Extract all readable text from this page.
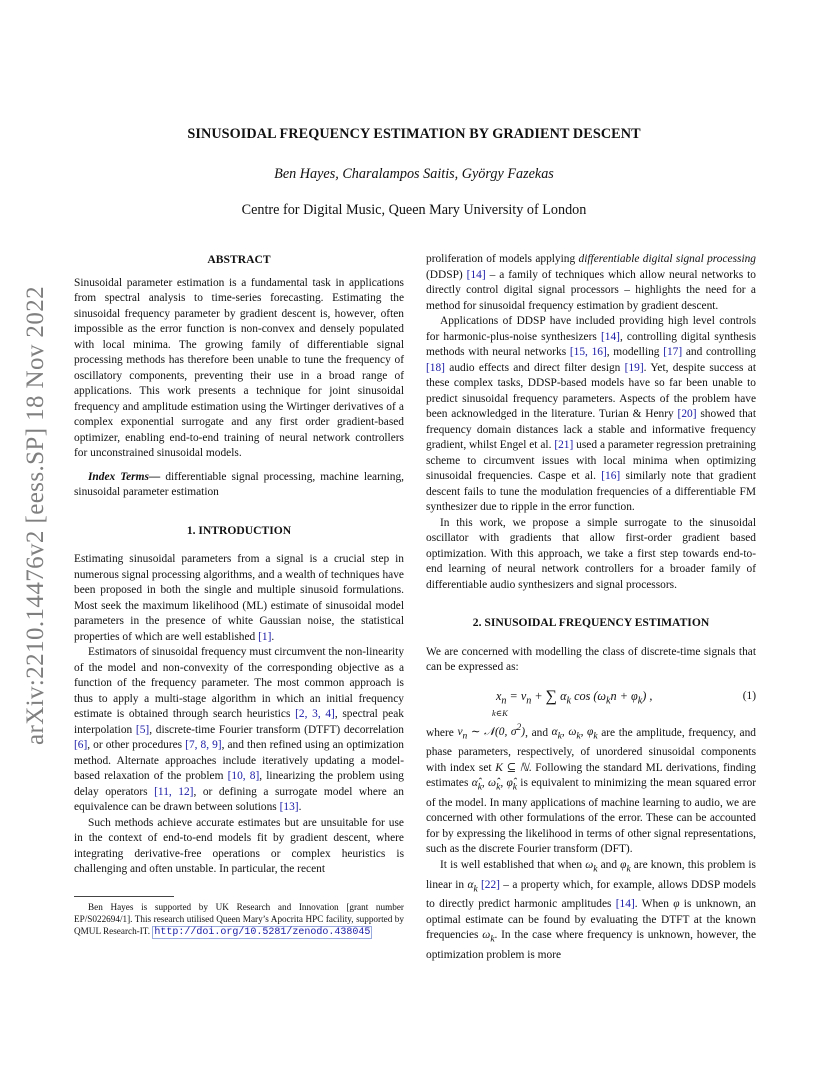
arXiv:2210.14476v2 [eess.SP] 18 Nov 2022
SINUSOIDAL FREQUENCY ESTIMATION BY GRADIENT DESCENT
Ben Hayes, Charalampos Saitis, György Fazekas
Centre for Digital Music, Queen Mary University of London
ABSTRACT

Sinusoidal parameter estimation is a fundamental task in applications from spectral analysis to time-series forecasting. Estimating the sinusoidal frequency parameter by gradient descent is, however, often impossible as the error function is non-convex and densely populated with local minima. The growing family of differentiable signal processing methods has therefore been unable to tune the frequency of oscillatory components, preventing their use in a broad range of applications. This work presents a technique for joint sinusoidal frequency and amplitude estimation using the Wirtinger derivatives of a complex exponential surrogate and any first order gradient-based optimizer, enabling end-to-end training of neural network controllers for unconstrained sinusoidal models.

Index Terms— differentiable signal processing, machine learning, sinusoidal parameter estimation

1. INTRODUCTION

Estimating sinusoidal parameters from a signal is a crucial step in numerous signal processing algorithms, and a wealth of techniques have been proposed in both the single and multiple sinusoid formulations. Most seek the maximum likelihood (ML) estimate of sinusoidal model parameters in the presence of white Gaussian noise, the statistical properties of which are well established [1].

Estimators of sinusoidal frequency must circumvent the non-linearity of the model and non-convexity of the corresponding objective as a function of the frequency parameter. The most common approach is thus to apply a multi-stage algorithm in which an initial frequency estimate is obtained through search heuristics [2, 3, 4], spectral peak interpolation [5], discrete-time Fourier transform (DTFT) decorrelation [6], or other procedures [7, 8, 9], and then refined using an optimization method. Alternate approaches include iteratively updating a model-based relaxation of the problem [10, 8], linearizing the problem using delay operators [11, 12], or defining a surrogate model where an equivalence can be drawn between solutions [13].

Such methods achieve accurate estimates but are unsuitable for use in the context of end-to-end models fit by gradient descent, where integrating derivative-free operations or complex heuristics is challenging and often unstable. In particular, the recent

Ben Hayes is supported by UK Research and Innovation [grant number EP/S022694/1]. This research utilised Queen Mary’s Apocrita HPC facility, supported by QMUL Research-IT. http://doi.org/10.5281/zenodo.438045

proliferation of models applying differentiable digital signal processing (DDSP) [14] – a family of techniques which allow neural networks to directly control digital signal processors – highlights the need for a method for sinusoidal frequency estimation by gradient descent.

Applications of DDSP have included providing high level controls for harmonic-plus-noise synthesizers [14], controlling digital synthesis methods with neural networks [15, 16], modelling [17] and controlling [18] audio effects and direct filter design [19]. Yet, despite success at these complex tasks, DDSP-based models have so far been unable to predict sinusoidal frequency parameters. Aspects of the problem have been acknowledged in the literature. Turian & Henry [20] showed that frequency domain distances lack a stable and informative frequency gradient, whilst Engel et al. [21] used a parameter regression pretraining scheme to circumvent issues with local minima when optimizing sinusoidal frequencies. Caspe et al. [16] similarly note that gradient descent fails to tune the modulation frequencies of a differentiable FM synthesizer due to ripple in the error function.

In this work, we propose a simple surrogate to the sinusoidal oscillator with gradients that allow first-order gradient based optimization. With this approach, we take a first step towards end-to-end learning of neural network controllers for a broader family of differentiable audio synthesizers and signal processors.

2. SINUSOIDAL FREQUENCY ESTIMATION

We are concerned with modelling the class of discrete-time signals that can be expressed as:

$x_n = v_n$ + ∑ $\alpha_k$ $\cos (\omega_kn + \varphi_k)$ ,
k∈K
(1)

where $v_n$ ∼ 𝒩(0, $\sigma^2$), and $\alpha_k$, $\omega_k$, $\varphi_k$ are the amplitude, frequency, and phase parameters, respectively, of unordered sinusoidal components with index set K ⊆ ℕ. Following the standard ML derivations, finding estimates $\alphâ_k$, $\omegâ_k$, $\varphî_k$ is equivalent to minimizing the mean squared error of the model. In many applications of machine learning to audio, we are concerned with other formulations of the error. These can be accounted for by expressing the likelihood in terms of other signal representations, such as the discrete Fourier transform (DFT).

It is well established that when $\omega_k$ and $\varphi_k$ are known, this problem is linear in $\alpha_k$ [22] – a property which, for example, allows DDSP models to directly predict harmonic amplitudes [14]. When φ is unknown, an optimal estimate can be found by evaluating the DTFT at the known frequencies $\omega_k$. In the case where frequency is unknown, however, the optimization problem is more
